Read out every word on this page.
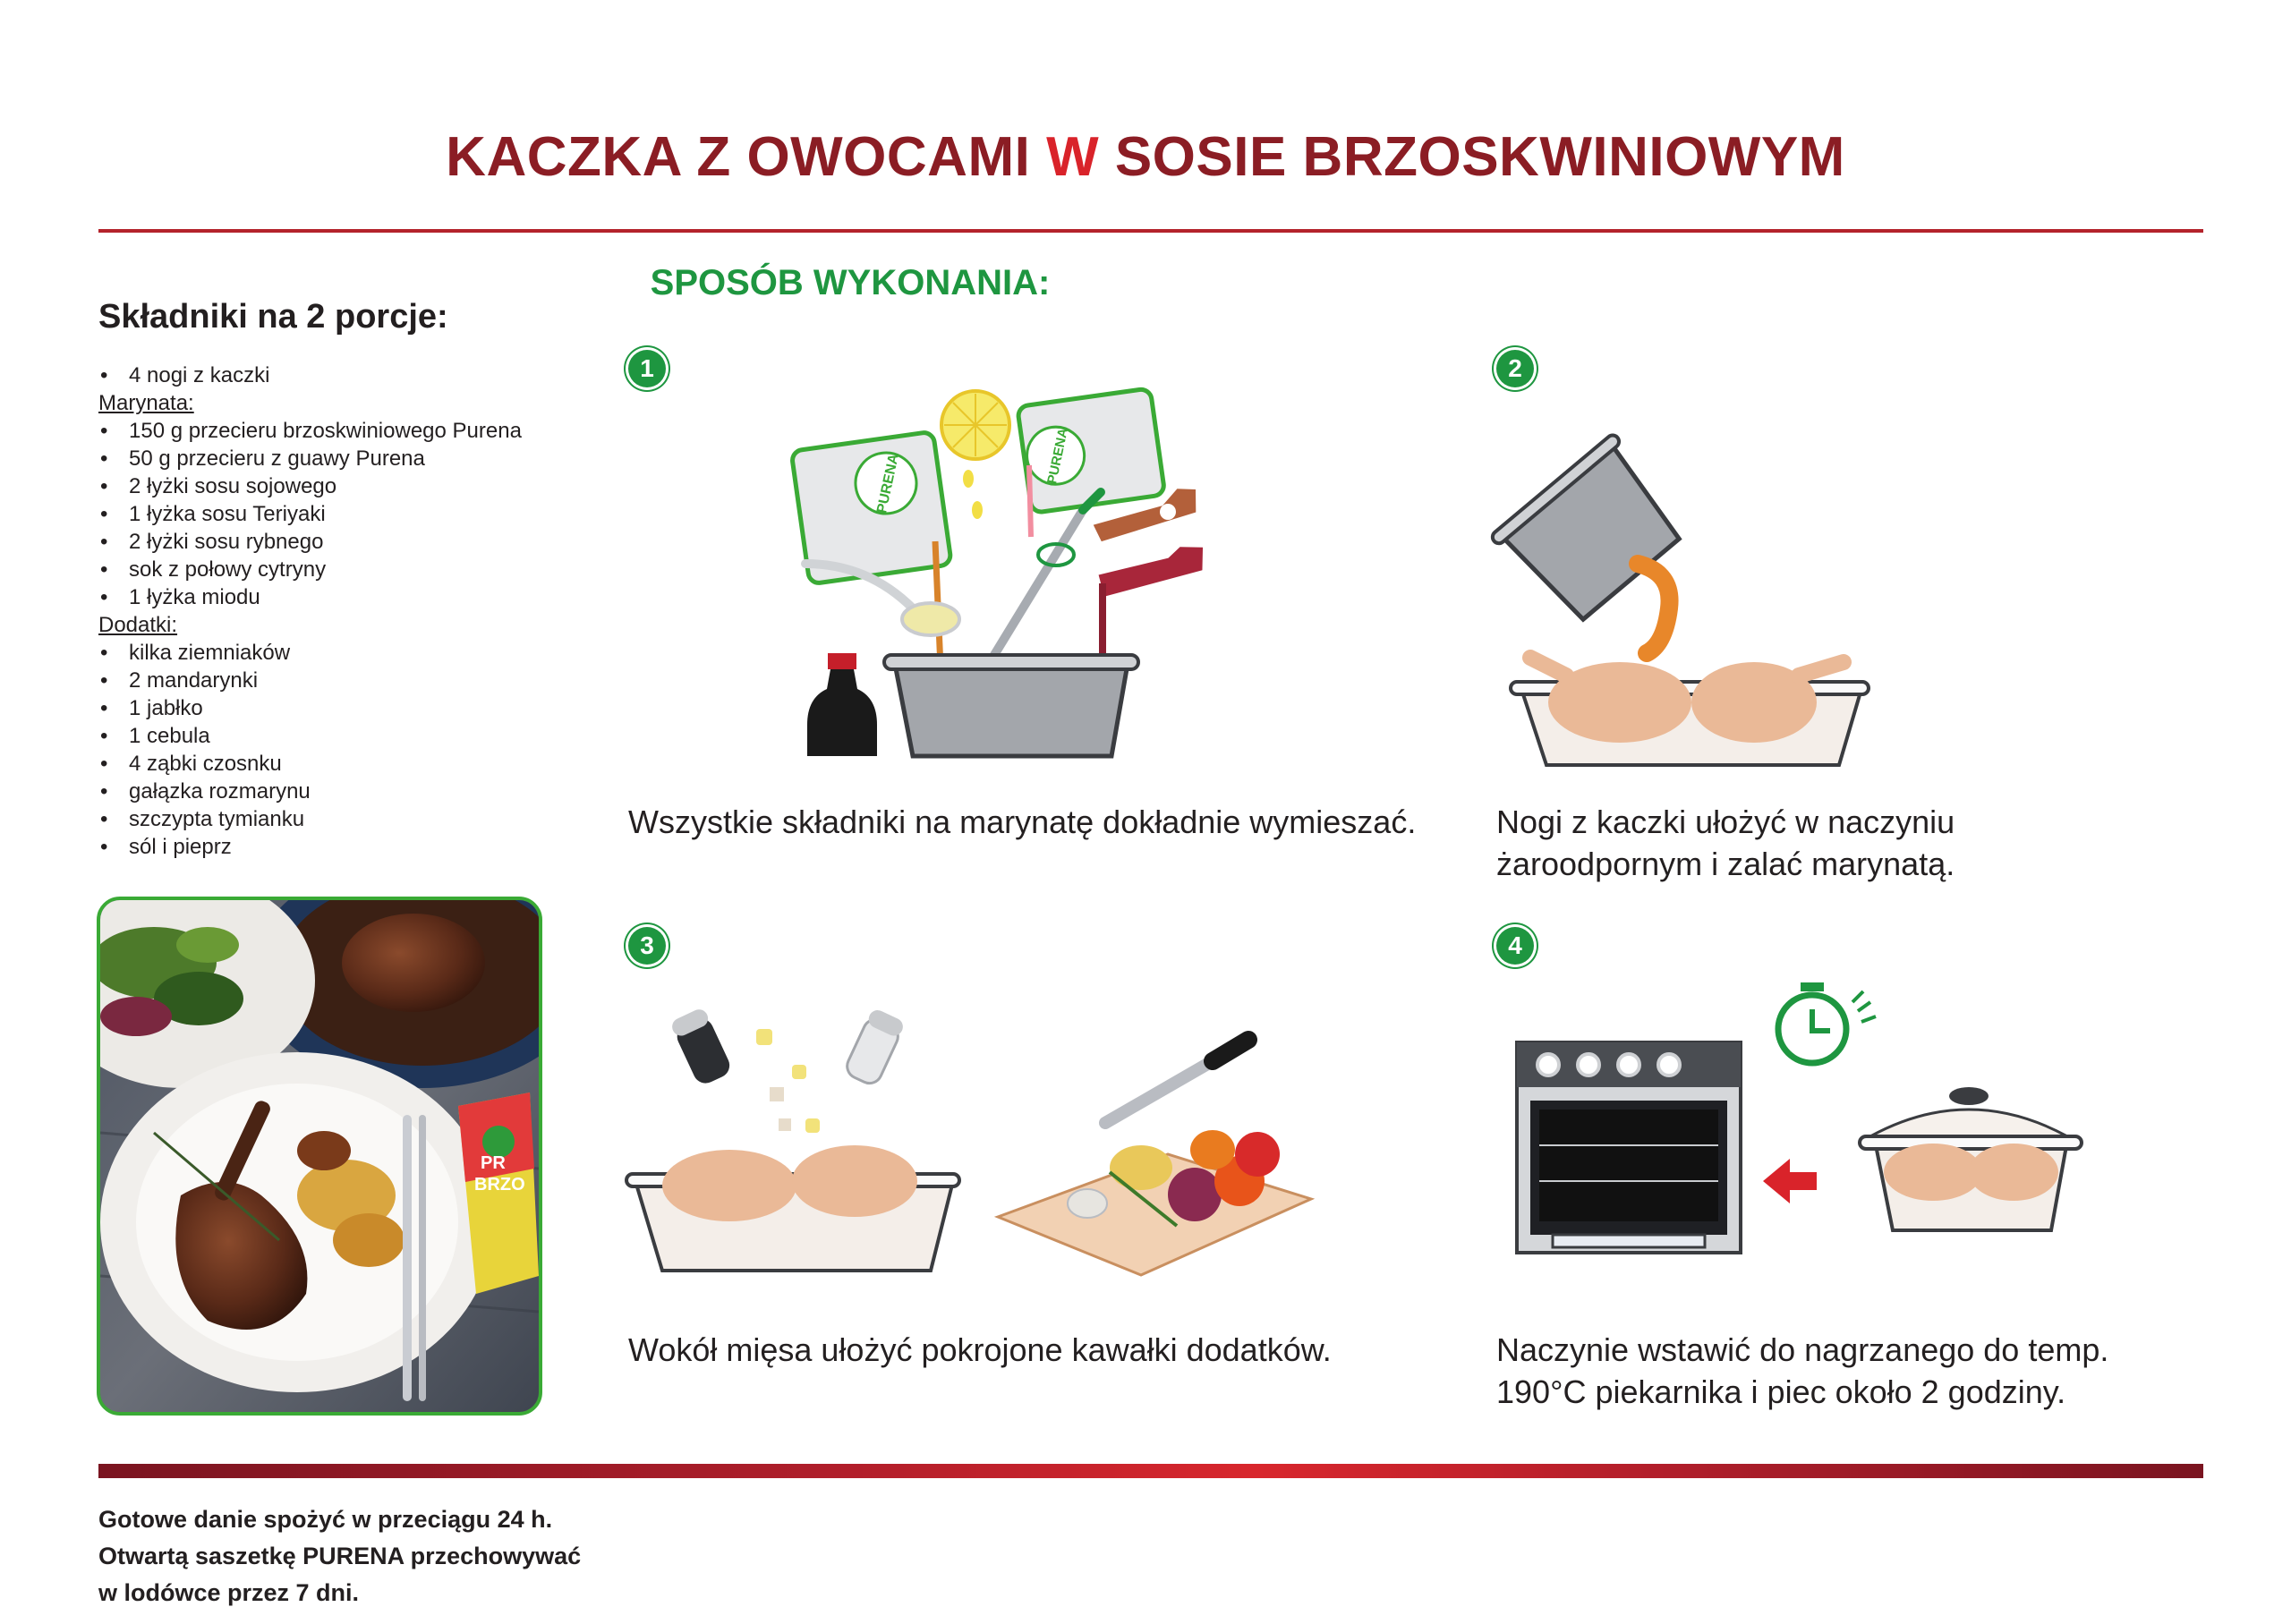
KACZKA Z OWOCAMI W SOSIE BRZOSKWINIOWYM
Składniki na 2 porcje:
• 4 nogi z kaczki
Marynata:
• 150 g przecieru brzoskwiniowego Purena
• 50 g przecieru z guawy Purena
• 2 łyżki sosu sojowego
• 1 łyżka sosu Teriyaki
• 2 łyżki sosu rybnego
• sok z połowy cytryny
• 1 łyżka miodu
Dodatki:
• kilka ziemniaków
• 2 mandarynki
• 1 jabłko
• 1 cebula
• 4 ząbki czosnku
• gałązka rozmarynu
• szczypta tymianku
• sól i pieprz
PR
BRZO
SPOSÓB WYKONANIA:
1
PURENA	PURENA
Wszystkie składniki na marynatę dokładnie wymieszać.
2
Nogi z kaczki ułożyć w naczyniu
żaroodpornym i zalać marynatą.
3
Wokół mięsa ułożyć pokrojone kawałki dodatków.
4
Naczynie wstawić do nagrzanego do temp.
190°C piekarnika i piec około 2 godziny.
Gotowe danie spożyć w przeciągu 24 h.
Otwartą saszetkę PURENA przechowywać
w lodówce przez 7 dni.
